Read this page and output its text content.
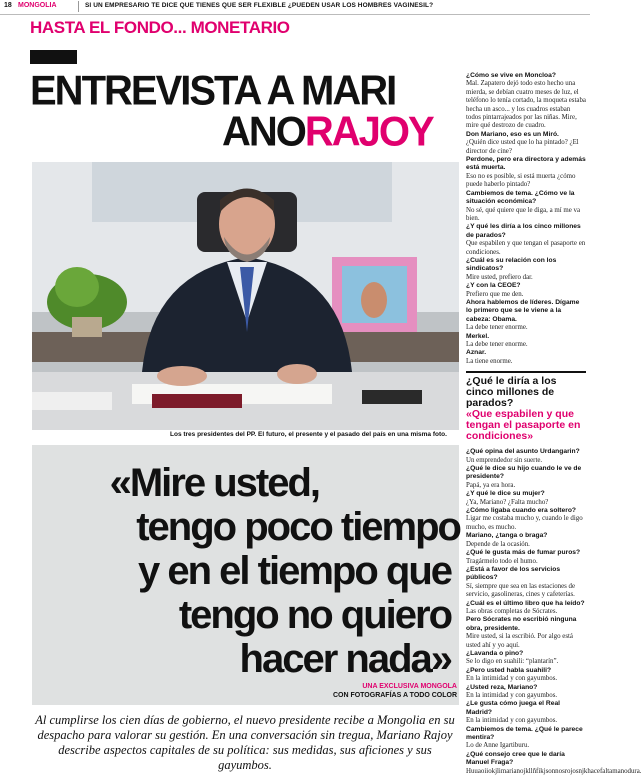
18 MONGOLIA	SI UN EMPRESARIO TE DICE QUE TIENES QUE SER FLEXIBLE ¿PUEDEN USAR LOS HOMBRES VAGINESIL?
HASTA EL FONDO... MONETARIO
ENTREVISTA A MARI
ANORAJOY
Los tres presidentes del PP. El futuro, el presente y el pasado del país en una misma foto.
«Mire usted,
tengo poco tiempo
y en el tiempo que
tengo no quiero
hacer nada»
UNA EXCLUSIVA MONGOLA
CON FOTOGRAFÍAS A TODO COLOR
Al cumplirse los cien días de gobierno, el nuevo presidente recibe a Mongolia en su despacho para valorar su gestión. En una conversación sin tregua, Mariano Rajoy describe aspectos capitales de su política: sus medidas, sus aficiones y sus gayumbos.

¿Cómo se vive en Moncloa?

Mal. Zapatero dejó todo esto hecho una mierda, se debían cuatro meses de luz, el teléfono lo tenía cortado, la moqueta estaba hecha un asco... y los cuadros estaban todos pintarrajeados por las niñas. Mire, mire qué destrozo de cuadro.

Don Mariano, eso es un Miró.

¿Quién dice usted que lo ha pintado? ¿El director de cine?

Perdone, pero era directora y además está muerta.

Eso no es posible, si está muerta ¿cómo puede haberlo pintado?

Cambiemos de tema. ¿Cómo ve la situación económica?

No sé, qué quiere que le diga, a mí me va bien.

¿Y qué les diría a los cinco millones de parados?

Que espabilen y que tengan el pasaporte en condiciones.

¿Cuál es su relación con los sindicatos?

Mire usted, prefiero dar.

¿Y con la CEOE?

Prefiero que me den.

Ahora hablemos de líderes. Dígame lo primero que se le viene a la cabeza: Obama.

La debe tener enorme.

Merkel.

La debe tener enorme.

Aznar.

La tiene enorme.

¿Qué le diría a los cinco millones de parados?
«Que espabilen y que tengan el pasaporte en condiciones»

¿Qué opina del asunto Urdangarin?

Un emprendedor sin suerte.

¿Qué le dice su hijo cuando le ve de presidente?

Papá, ya era hora.

¿Y qué le dice su mujer?

¿Ya, Mariano? ¿Falta mucho?

¿Cómo ligaba cuando era soltero?

Ligar me costaba mucho y, cuando le digo mucho, es mucho.

Mariano, ¿tanga o braga?

Depende de la ocasión.

¿Qué le gusta más de fumar puros?

Tragármelo todo el humo.

¿Está a favor de los servicios públicos?

Sí, siempre que sea en las estaciones de servicio, gasolineras, cines y cafeterías.

¿Cuál es el último libro que ha leído?

Las obras completas de Sócrates.

Pero Sócrates no escribió ninguna obra, presidente.

Mire usted, si la escribió. Por algo está usted ahí y yo aquí.

¿Lavanda o pino?

Se lo digo en suahili: “plantarín”.

¿Pero usted habla suahili?

En la intimidad y con gayumbos.

¿Usted reza, Mariano?

En la intimidad y con gayumbos.

¿Le gusta cómo juega el Real Madrid?

En la intimidad y con gayumbos.

Cambiemos de tema. ¿Qué le parece mentira?

Lo de Anne Igartiburu.

¿Qué consejo cree que le daría Manuel Fraga?

Huuaoiiokjlimarianojkllñfikjsonnosrojosnjkhacefaltamanodura.
